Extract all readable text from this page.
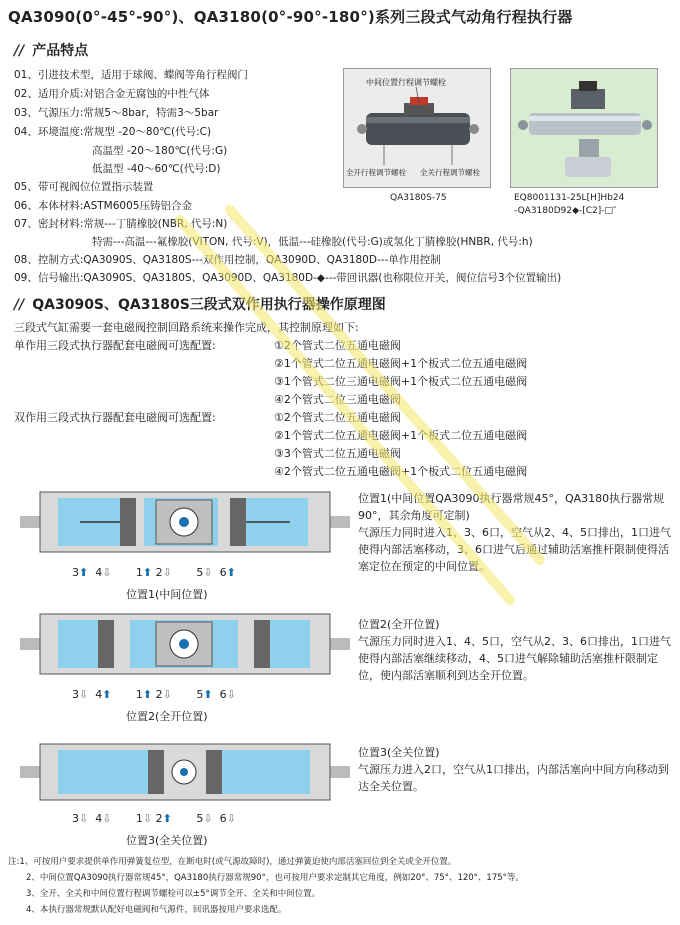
QA3090(0°-45°-90°)、QA3180(0°-90°-180°)系列三段式气动角行程执行器
// 产品特点
01、引进技术型，适用于球阀、蝶阀等角行程阀门
02、适用介质:对铝合金无腐蚀的中性气体
03、气源压力:常规5～8bar，特需3～5bar
04、环境温度:常规型 -20～80℃(代号:C)
高温型 -20～180℃(代号:G)
低温型 -40～60℃(代号:D)
05、带可视阀位位置指示装置
06、本体材料:ASTM6005压铸铝合金
07、密封材料:常规---丁腈橡胶(NBR, 代号:N)
特需---高温---氟橡胶(VITON, 代号:V)，低温---硅橡胶(代号:G)或氢化丁腈橡胶(HNBR, 代号:h)
08、控制方式:QA3090S、QA3180S---双作用控制，QA3090D、QA3180D---单作用控制
09、信号输出:QA3090S、QA3180S、QA3090D、QA3180D-◆---带回讯器(也称限位开关，阀位信号3个位置输出)
中间位置行程调节螺栓
全开行程调节螺栓 全关行程调节螺栓
QA3180S-75	EQ8001131-25L[H]Hb24
-QA3180D92◆-[C2]-□″
// QA3090S、QA3180S三段式双作用执行器操作原理图
三段式气缸需要一套电磁阀控制回路系统来操作完成，其控制原理如下:
单作用三段式执行器配套电磁阀可选配置:	①2个管式二位五通电磁阀
②1个管式二位五通电磁阀+1个板式二位五通电磁阀
③1个管式二位三通电磁阀+1个板式二位五通电磁阀
④2个管式二位三通电磁阀
双作用三段式执行器配套电磁阀可选配置:	①2个管式二位五通电磁阀
②1个管式二位五通电磁阀+1个板式二位五通电磁阀
③3个管式二位五通电磁阀
④2个管式二位五通电磁阀+1个板式二位五通电磁阀
3⬆ 4⇩ 1⬆ 2⇩ 5⇩ 6⬆
位置1(中间位置)
3⇩ 4⬆ 1⬆ 2⇩ 5⬆ 6⇩
位置2(全开位置)
3⇩ 4⇩ 1⇩ 2⬆ 5⇩ 6⇩
位置3(全关位置)
位置1(中间位置QA3090执行器常规45°，QA3180执行器常规90°，其余角度可定制)
气源压力同时进入1、3、6口，空气从2、4、5口排出，1口进气使得内部活塞移动，3、6口进气后通过辅助活塞推杆限制使得活塞定位在预定的中间位置。
位置2(全开位置)
气源压力同时进入1、4、5口，空气从2、3、6口排出，1口进气使得内部活塞继续移动，4、5口进气解除辅助活塞推杆限制定位，使内部活塞顺利到达全开位置。
位置3(全关位置)
气源压力进入2口，空气从1口排出，内部活塞向中间方向移动到达全关位置。
注:1、可按用户要求提供单作用弹簧复位型，在断电时(或气源故障时)，通过弹簧迫使内部活塞回位到全关或全开位置。
2、中间位置QA3090执行器常规45°，QA3180执行器常规90°，也可按用户要求定制其它角度，例如20°、75°、120°、175°等。
3、全开、全关和中间位置行程调节螺栓可以±5°调节全开、全关和中间位置。
4、本执行器常规默认配好电磁阀和气源件，回讯器按用户要求选配。
